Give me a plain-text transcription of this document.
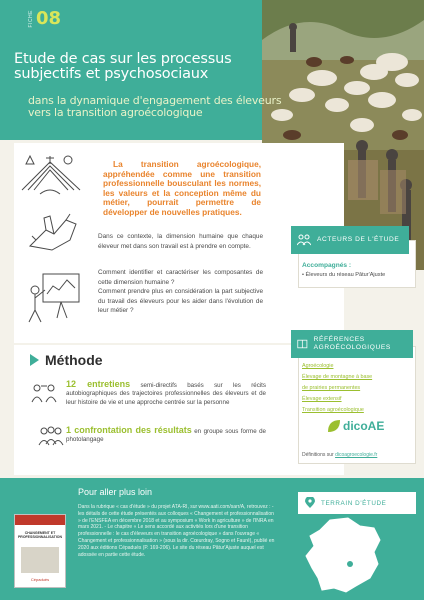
FICHE 08
Etude de cas sur les processus subjectifs et psychosociaux
dans la dynamique d'engagement des éleveurs vers la transition agroécologique
La transition agroécologique, appréhendée comme une transition professionnelle bousculant les normes, les valeurs et la conception même du métier, pourrait permettre de développer de nouvelles pratiques.
Dans ce contexte, la dimension humaine que chaque éleveur met dans son travail est à prendre en compte.
Comment identifier et caractériser les composantes de cette dimension humaine ?
Comment prendre plus en considération la part subjective du travail des éleveurs pour les aider dans l'évolution de leur métier ?
Méthode
12 entretiens semi-directifs basés sur les récits autobiographiques des trajectoires professionnelles des éleveurs et de leur histoire de vie et une approche centrée sur la personne
1 confrontation des résultats en groupe sous forme de photolangage
ACTEURS DE L'ÉTUDE
Accompagnés :
• Éleveurs du réseau Pâtur'Ajuste
RÉFÉRENCES AGROÉCOLOGIQUES
Agroécologie
Élevage de montagne à base
de prairies permanentes
Élevage extensif
Transition agroécologique
dicoAE
Définitions sur dicoagroecologie.fr
Pour aller plus loin
CHANGEMENT ET PROFESSIONNALISATION
Cépaduès
Dans la rubrique « cas d'étude » du projet ATA-RI, sur www.aati.com/sarr/A, retrouvez : - les détails de cette étude présentés aux colloques « Changement et professionnalisation » de l'ENSFEA en décembre 2018 et au symposium « Work in agriculture » de l'INRA en mars 2021. - Le chapitre « Le sens accordé aux activités lors d'une transition professionnelle : le cas d'éleveurs en transition agroécologique » dans l'ouvrage « Changement et professionnalisation » (sous la dir. Cœurdray, Sogno et Fauré), publié en 2020 aux éditions Cépaduès (P. 169-206). Le site du réseau Pâtur'Ajuste auquel est adossée en partie cette étude.
TERRAIN D'ÉTUDE
